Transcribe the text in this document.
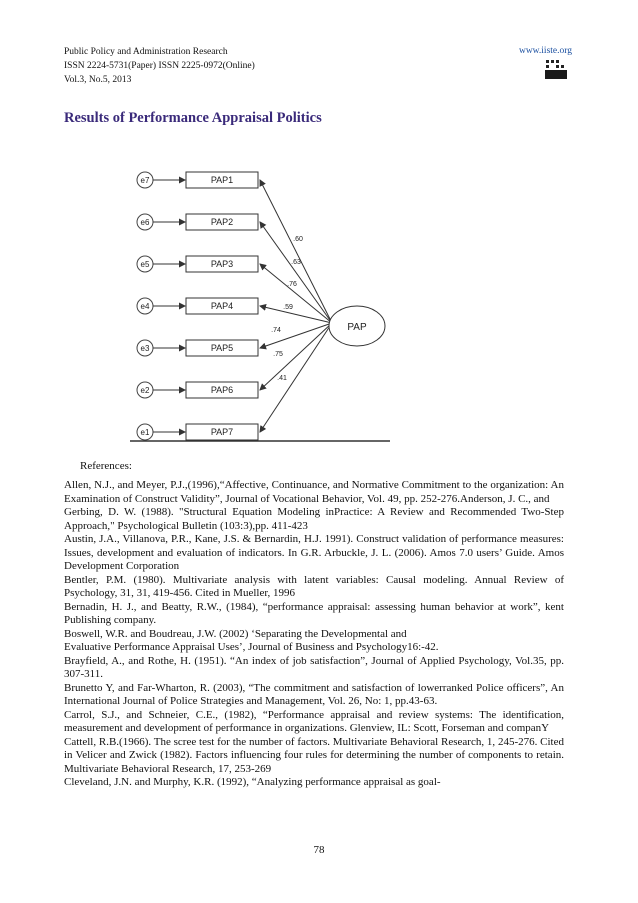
Public Policy and Administration Research
ISSN 2224-5731(Paper) ISSN 2225-0972(Online)
Vol.3, No.5, 2013
www.iiste.org
Results of Performance Appraisal Politics
e7	PAP1
.60
e6	PAP2
.63
e5	PAP3
.76
e4	PAP4	.59
e3	PAP5
.74
e2	PAP6
.75
e1	PAP7
.41
PAP
References:

Allen, N.J., and Meyer, P.J.,(1996),“Affective, Continuance, and Normative Commitment to the organization: An Examination of Construct Validity”, Journal of Vocational Behavior, Vol. 49, pp. 252-276.Anderson, J. C., and

Gerbing, D. W. (1988). "Structural Equation Modeling inPractice: A Review and Recommended Two-Step Approach," Psychological Bulletin (103:3),pp. 411-423

Austin, J.A., Villanova, P.R., Kane, J.S. & Bernardin, H.J. 1991). Construct validation of performance measures: Issues, development and evaluation of indicators. In G.R. Arbuckle, J. L. (2006). Amos 7.0 users’ Guide. Amos Development Corporation

Bentler, P.M. (1980). Multivariate analysis with latent variables: Causal modeling. Annual Review of Psychology, 31, 31, 419-456. Cited in Mueller, 1996

Bernadin, H. J., and Beatty, R.W., (1984), “performance appraisal: assessing human behavior at work”, kent Publishing company.

Boswell, W.R. and Boudreau, J.W. (2002) ‘Separating the Developmental and

Evaluative Performance Appraisal Uses’, Journal of Business and Psychology16:-42.

Brayfield, A., and Rothe, H. (1951). “An index of job satisfaction”, Journal of Applied Psychology, Vol.35, pp. 307-311.

Brunetto Y, and Far-Wharton, R. (2003), “The commitment and satisfaction of lowerranked Police officers”, An International Journal of Police Strategies and Management, Vol. 26, No: 1, pp.43-63.

Carrol, S.J., and Schneier, C.E., (1982), “Performance appraisal and review systems: The identification, measurement and development of performance in organizations. Glenview, IL: Scott, Forseman and companY

Cattell, R.B.(1966). The scree test for the number of factors. Multivariate Behavioral Research, 1, 245-276. Cited in Velicer and Zwick (1982). Factors influencing four rules for determining the number of components to retain. Multivariate Behavioral Research, 17, 253-269

Cleveland, J.N. and Murphy, K.R. (1992), “Analyzing performance appraisal as goal-

78
